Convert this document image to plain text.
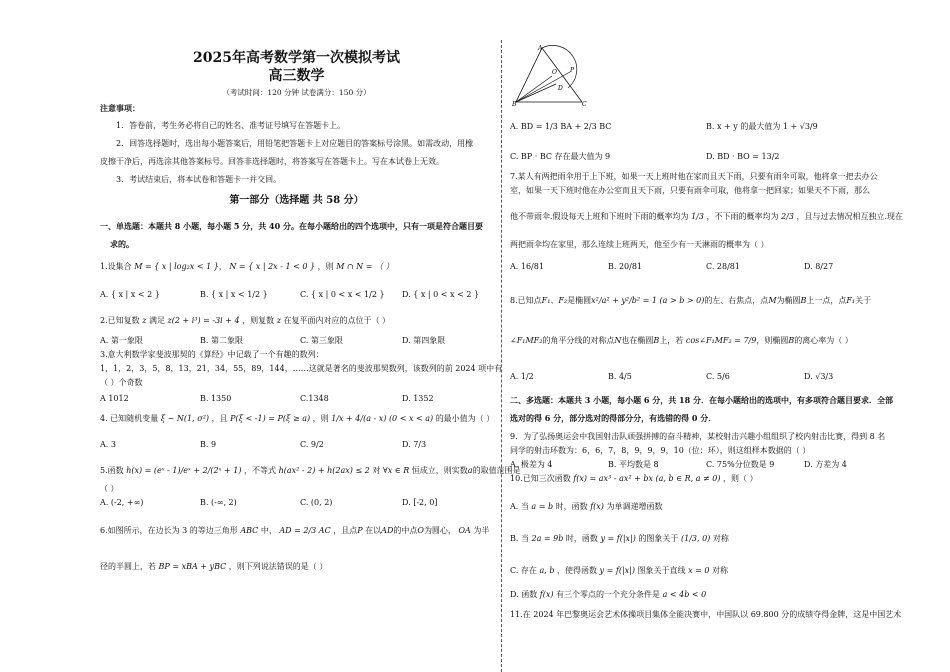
2025年高考数学第一次模拟考试
高三数学
（考试时间：120 分钟 试卷满分：150 分）
注意事项：
1．答卷前，考生务必将自己的姓名、准考证号填写在答题卡上。
2．回答选择题时，选出每小题答案后，用铅笔把答题卡上对应题目的答案标号涂黑。如需改动，用橡
皮擦干净后，再选涂其他答案标号。回答非选择题时，将答案写在答题卡上。写在本试卷上无效。
3．考试结束后，将本试卷和答题卡一并交回。
第一部分（选择题 共 58 分）
一、单选题：本题共 8 小题，每小题 5 分，共 40 分。在每小题给出的四个选项中，只有一项是符合题目要
求的。
1.设集合 M = { x | log₂x < 1 }， N = { x | 2x - 1 < 0 } ，则 M ∩ N = （ ）
A. { x | x < 2 }	B. { x | x < 1/2 }	C. { x | 0 < x < 1/2 } D. { x | 0 < x < 2 }
2.已知复数 z 满足 z(2 + i³) = -3i + 4 ，则复数 z 在复平面内对应的点位于（ ）
A. 第一象限	B. 第二象限	C. 第三象限	D. 第四象限
3.意大利数学家斐波那契的《算经》中记载了一个有趣的数列：
1，1，2，3，5，8，13，21，34，55，89，144，……这就是著名的斐波那契数列，该数列的前 2024 项中有
（ ）个奇数
A 1012	B. 1350	C.1348	D. 1352
4. 已知随机变量 ξ ~ N(1, σ²) ，且 P(ξ < -1) = P(ξ ≥ a) ，则 1/x + 4/(a - x) (0 < x < a) 的最小值为（ ）
A. 3	B. 9	C. 9/2	D. 7/3
5.函数 h(x) = (eˣ - 1)/eˣ + 2/(2ˣ + 1) ，不等式 h(ax² - 2) + h(2ax) ≤ 2 对 ∀x ∈ R 恒成立，则实数a的取值范围是
（ ）
A. (-2, +∞)	B. (-∞, 2)	C. (0, 2)	D. [-2, 0]
6.如图所示，在边长为 3 的等边三角形 ABC 中， AD = 2/3 AC ，且点P 在以AD的中点O为圆心， OA 为半
径的半圆上，若 BP = xBA + yBC ，则下列说法错误的是（ ）
A
B	C
D
O P
A. BD = 1/3 BA + 2/3 BC	B. x + y 的最大值为 1 + √3/9
C. BP · BC 存在最大值为 9	D. BD · BO = 13/2
7.某人有两把雨伞用于上下班，如果一天上班时他在家而且天下雨，只要有雨伞可取，他将拿一把去办公
室，如果一天下班时他在办公室而且天下雨，只要有雨伞可取，他将拿一把回家；如果天不下雨，那么
他不带雨伞.假设每天上班和下班时下雨的概率均为 1/3 ，不下雨的概率均为 2/3 ，且与过去情况相互独立.现在
两把雨伞均在家里，那么连续上班两天，他至少有一天淋雨的概率为（ ）
A. 16/81	B. 20/81	C. 28/81	D. 8/27
8.已知点F₁、F₂是椭圆x²/a² + y²/b² = 1 (a > b > 0)的左、右焦点，点M为椭圆B上一点，点F₁关于
∠F₁MF₂的角平分线的对称点N也在椭圆B上，若 cos∠F₁MF₂ = 7/9，则椭圆B的离心率为（ ）
A. 1/2	B. 4/5	C. 5/6	D. √3/3
二、多选题：本题共 3 小题，每小题 6 分，共 18 分．在每小题给出的选项中，有多项符合题目要求．全部
选对的得 6 分，部分选对的得部分分，有选错的得 0 分．
9．为了弘扬奥运会中我国射击队顽强拼搏的奋斗精神，某校射击兴趣小组组织了校内射击比赛，得到 8 名
同学的射击环数为：6，6，7，8，9，9，9，10（位：环），则这组样本数据的（ ）
A. 极差为 4	B. 平均数是 8	C. 75%分位数是 9	D. 方差为 4
10.已知三次函数 f(x) = ax³ - ax² + bx (a, b ∈ R, a ≠ 0) ，则（ ）
A. 当 a = b 时，函数 f(x) 为单调递增函数
B. 当 2a = 9b 时，函数 y = f(|x|) 的图象关于 (1/3, 0) 对称
C. 存在 a, b ，使得函数 y = f(|x|) 图象关于直线 x = 0 对称
D. 函数 f(x) 有三个零点的一个充分条件是 a < 4b < 0
11.在 2024 年巴黎奥运会艺术体操项目集体全能决赛中，中国队以 69.800 分的成绩夺得金牌，这是中国艺术
